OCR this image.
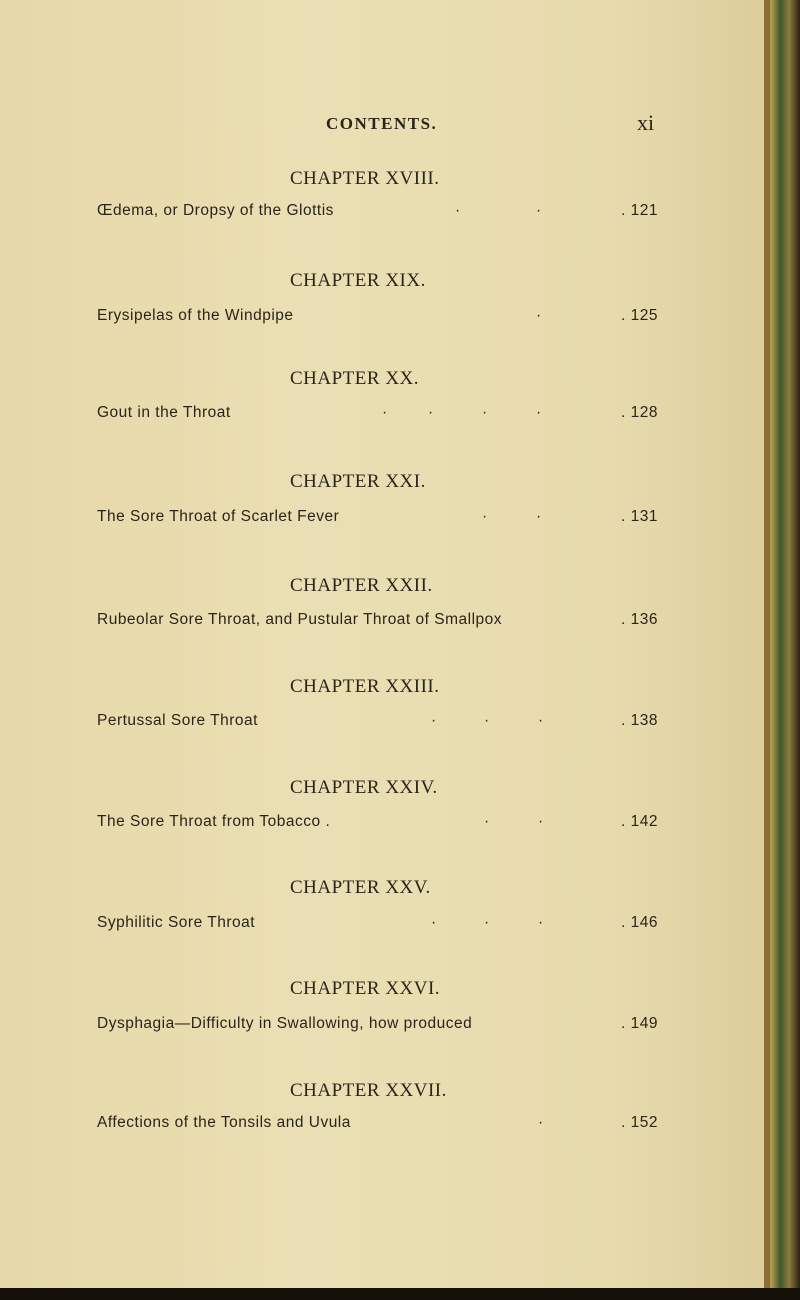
CONTENTS.	xi
CHAPTER XVIII.
Œdema, or Dropsy of the Glottis	·	·	. 121
CHAPTER XIX.
Erysipelas of the Windpipe	·	. 125
CHAPTER XX.
Gout in the Throat	·	·	·	·	. 128
CHAPTER XXI.
The Sore Throat of Scarlet Fever	·	·	. 131
CHAPTER XXII.
Rubeolar Sore Throat, and Pustular Throat of Smallpox	. 136
CHAPTER XXIII.
Pertussal Sore Throat	·	·	·	. 138
CHAPTER XXIV.
The Sore Throat from Tobacco .	·	·	. 142
CHAPTER XXV.
Syphilitic Sore Throat	·	·	·	. 146
CHAPTER XXVI.
Dysphagia—Difficulty in Swallowing, how produced	. 149
CHAPTER XXVII.
Affections of the Tonsils and Uvula	·	. 152
